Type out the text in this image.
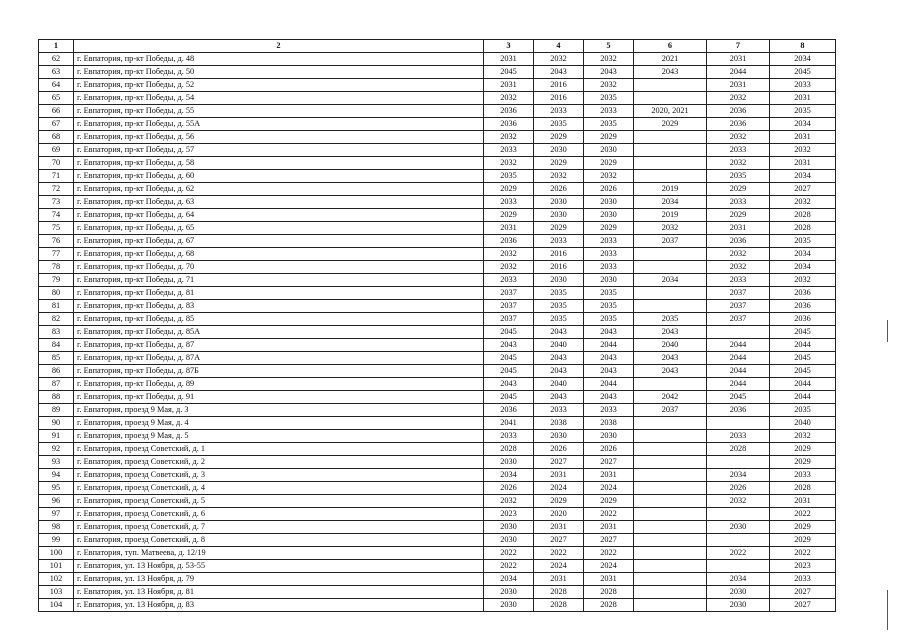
1	2	3	4	5	6	7	8
62	г. Евпатория, пр-кт Победы, д. 48	2031	2032	2032	2021	2031	2034
63	г. Евпатория, пр-кт Победы, д. 50	2045	2043	2043	2043	2044	2045
64	г. Евпатория, пр-кт Победы, д. 52	2031	2016	2032		2031	2033
65	г. Евпатория, пр-кт Победы, д. 54	2032	2016	2035		2032	2031
66	г. Евпатория, пр-кт Победы, д. 55	2036	2033	2033	2020, 2021	2036	2035
67	г. Евпатория, пр-кт Победы, д. 55А	2036	2035	2035	2029	2036	2034
68	г. Евпатория, пр-кт Победы, д. 56	2032	2029	2029		2032	2031
69	г. Евпатория, пр-кт Победы, д. 57	2033	2030	2030		2033	2032
70	г. Евпатория, пр-кт Победы, д. 58	2032	2029	2029		2032	2031
71	г. Евпатория, пр-кт Победы, д. 60	2035	2032	2032		2035	2034
72	г. Евпатория, пр-кт Победы, д. 62	2029	2026	2026	2019	2029	2027
73	г. Евпатория, пр-кт Победы, д. 63	2033	2030	2030	2034	2033	2032
74	г. Евпатория, пр-кт Победы, д. 64	2029	2030	2030	2019	2029	2028
75	г. Евпатория, пр-кт Победы, д. 65	2031	2029	2029	2032	2031	2028
76	г. Евпатория, пр-кт Победы, д. 67	2036	2033	2033	2037	2036	2035
77	г. Евпатория, пр-кт Победы, д. 68	2032	2016	2033		2032	2034
78	г. Евпатория, пр-кт Победы, д. 70	2032	2016	2033		2032	2034
79	г. Евпатория, пр-кт Победы, д. 71	2033	2030	2030	2034	2033	2032
80	г. Евпатория, пр-кт Победы, д. 81	2037	2035	2035		2037	2036
81	г. Евпатория, пр-кт Победы, д. 83	2037	2035	2035		2037	2036
82	г. Евпатория, пр-кт Победы, д. 85	2037	2035	2035	2035	2037	2036
83	г. Евпатория, пр-кт Победы, д. 85А	2045	2043	2043	2043		2045
84	г. Евпатория, пр-кт Победы, д. 87	2043	2040	2044	2040	2044	2044
85	г. Евпатория, пр-кт Победы, д. 87А	2045	2043	2043	2043	2044	2045
86	г. Евпатория, пр-кт Победы, д. 87Б	2045	2043	2043	2043	2044	2045
87	г. Евпатория, пр-кт Победы, д. 89	2043	2040	2044		2044	2044
88	г. Евпатория, пр-кт Победы, д. 91	2045	2043	2043	2042	2045	2044
89	г. Евпатория, проезд 9 Мая, д. 3	2036	2033	2033	2037	2036	2035
90	г. Евпатория, проезд 9 Мая, д. 4	2041	2038	2038			2040
91	г. Евпатория, проезд 9 Мая, д. 5	2033	2030	2030		2033	2032
92	г. Евпатория, проезд Советский, д. 1	2028	2026	2026		2028	2029
93	г. Евпатория, проезд Советский, д. 2	2030	2027	2027			2029
94	г. Евпатория, проезд Советский, д. 3	2034	2031	2031		2034	2033
95	г. Евпатория, проезд Советский, д. 4	2026	2024	2024		2026	2028
96	г. Евпатория, проезд Советский, д. 5	2032	2029	2029		2032	2031
97	г. Евпатория, проезд Советский, д. 6	2023	2020	2022			2022
98	г. Евпатория, проезд Советский, д. 7	2030	2031	2031		2030	2029
99	г. Евпатория, проезд Советский, д. 8	2030	2027	2027			2029
100	г. Евпатория, туп. Матвеева, д. 12/19	2022	2022	2022		2022	2022
101	г. Евпатория, ул. 13 Ноября, д. 53-55	2022	2024	2024			2023
102	г. Евпатория, ул. 13 Ноября, д. 79	2034	2031	2031		2034	2033
103	г. Евпатория, ул. 13 Ноября, д. 81	2030	2028	2028		2030	2027
104	г. Евпатория, ул. 13 Ноября, д. 83	2030	2028	2028		2030	2027
